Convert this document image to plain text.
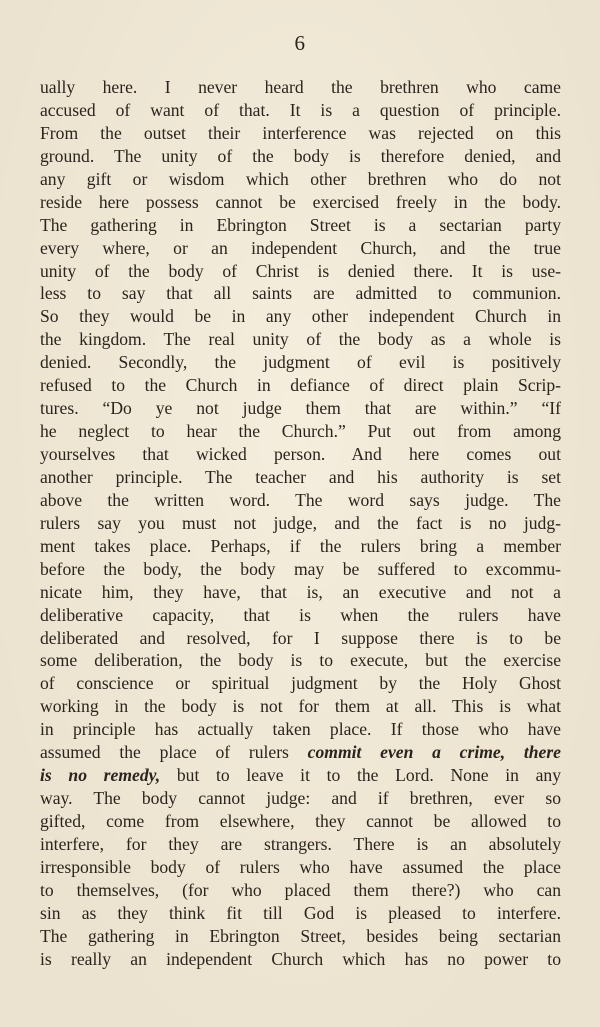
6
ually here. I never heard the brethren who came
accused of want of that. It is a question of principle.
From the outset their interference was rejected on this
ground. The unity of the body is therefore denied, and
any gift or wisdom which other brethren who do not
reside here possess cannot be exercised freely in the body.
The gathering in Ebrington Street is a sectarian party
every where, or an independent Church, and the true
unity of the body of Christ is denied there. It is use-
less to say that all saints are admitted to communion.
So they would be in any other independent Church in
the kingdom. The real unity of the body as a whole is
denied. Secondly, the judgment of evil is positively
refused to the Church in defiance of direct plain Scrip-
tures. “Do ye not judge them that are within.” “If
he neglect to hear the Church.” Put out from among
yourselves that wicked person. And here comes out
another principle. The teacher and his authority is set
above the written word. The word says judge. The
rulers say you must not judge, and the fact is no judg-
ment takes place. Perhaps, if the rulers bring a member
before the body, the body may be suffered to excommu-
nicate him, they have, that is, an executive and not a
deliberative capacity, that is when the rulers have
deliberated and resolved, for I suppose there is to be
some deliberation, the body is to execute, but the exercise
of conscience or spiritual judgment by the Holy Ghost
working in the body is not for them at all. This is what
in principle has actually taken place. If those who have
assumed the place of rulers commit even a crime, there
is no remedy, but to leave it to the Lord. None in any
way. The body cannot judge: and if brethren, ever so
gifted, come from elsewhere, they cannot be allowed to
interfere, for they are strangers. There is an absolutely
irresponsible body of rulers who have assumed the place
to themselves, (for who placed them there?) who can
sin as they think fit till God is pleased to interfere.
The gathering in Ebrington Street, besides being sectarian
is really an independent Church which has no power to
